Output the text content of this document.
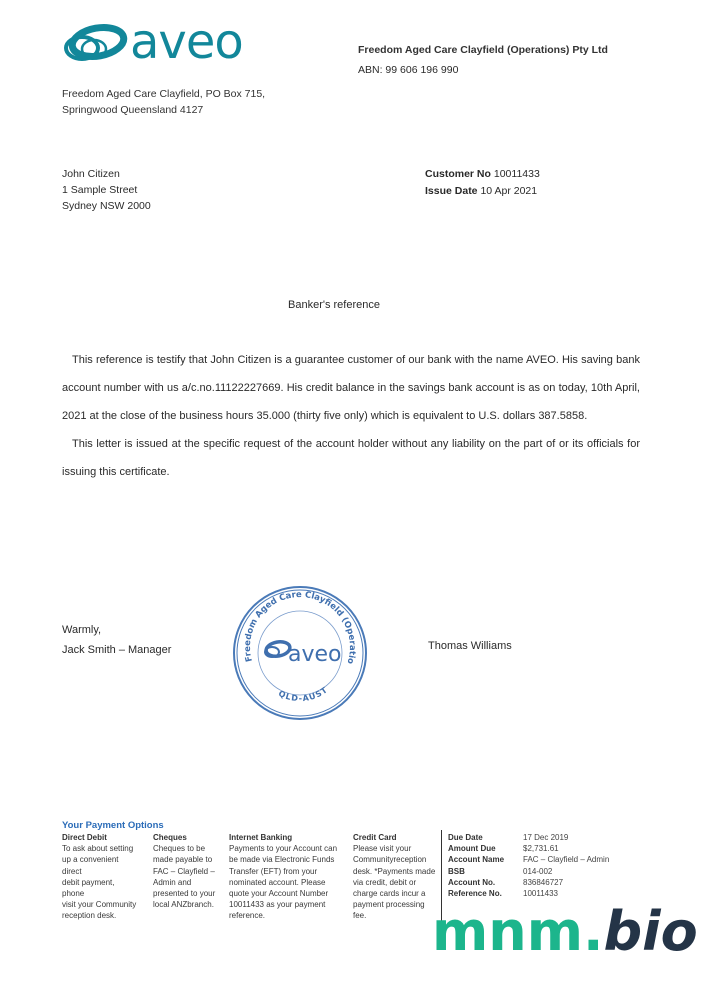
aveo
Freedom Aged Care Clayfield, PO Box 715,
Springwood Queensland 4127
Freedom Aged Care Clayfield (Operations) Pty Ltd
ABN: 99 606 196 990
John Citizen
1 Sample Street
Sydney NSW 2000
Customer No 10011433
Issue Date 10 Apr 2021
Banker's reference

This reference is testify that John Citizen is a guarantee customer of our bank with the name AVEO. His saving bank account number with us a/c.no.11122227669. His credit balance in the savings bank account is as on today, 10th April, 2021 at the close of the business hours 35.000 (thirty five only) which is equivalent to U.S. dollars 387.5858.

This letter is issued at the specific request of the account holder without any liability on the part of or its officials for issuing this certificate.

Warmly,
Jack Smith – Manager	Thomas Williams
Freedom Aged Care Clayfield (Operatio
QLD-AUST
aveo
Your Payment Options
Direct Debit
To ask about setting
up a convenient
direct
debit payment,
phone
visit your Community
reception desk.
Cheques
Cheques to be
made payable to
FAC – Clayfield –
Admin and
presented to your
local ANZbranch.
Internet Banking
Payments to your Account can
be made via Electronic Funds
Transfer (EFT) from your
nominated account. Please
quote your Account Number
10011433 as your payment
reference.
Credit Card
Please visit your
Communityreception
desk. *Payments made
via credit, debit or
charge cards incur a
payment processing
fee.
Due Date	17 Dec 2019
Amount Due	$2,731.61
Account Name	FAC – Clayfield – Admin
BSB	014-002
Account No.	836846727
Reference No.	10011433
mnm.bio
